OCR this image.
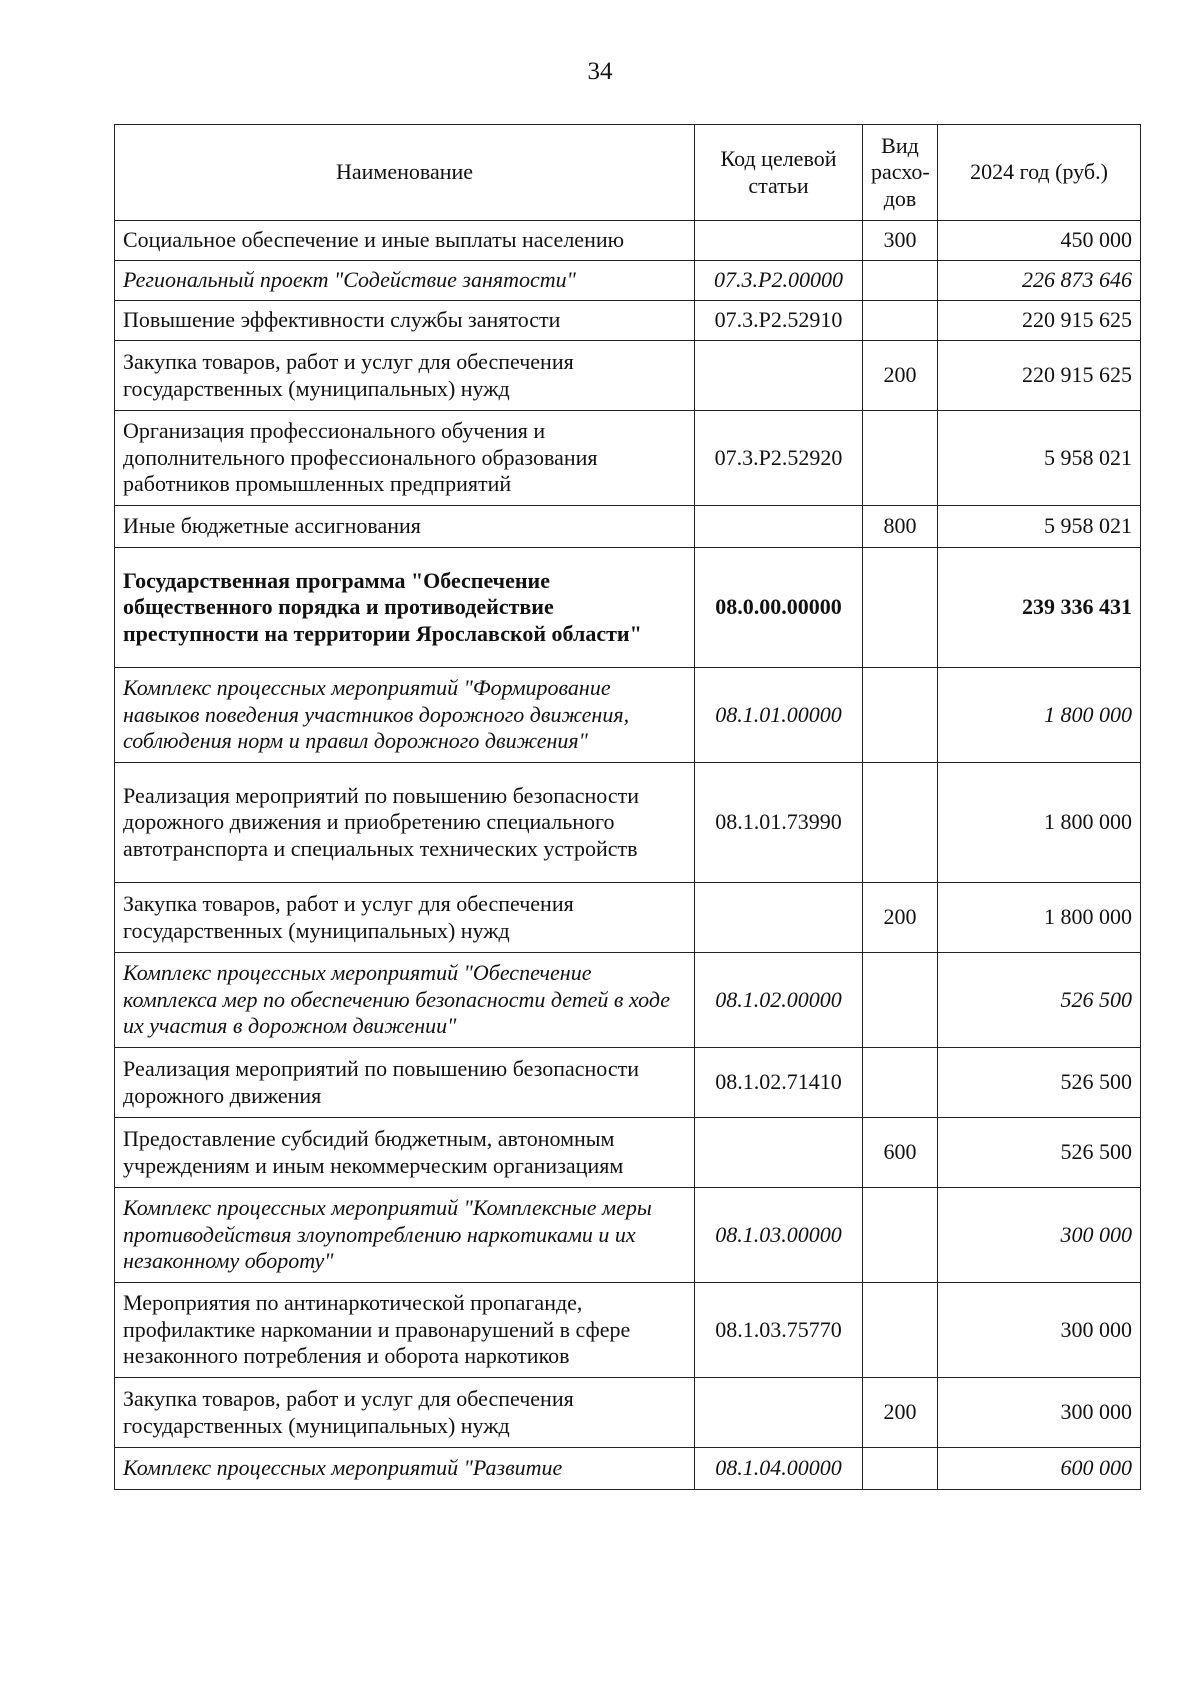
34
Наименование	Код целевой статьи	Вид расхо-дов	2024 год (руб.)
Социальное обеспечение и иные выплаты населению		300	450 000
Региональный проект "Содействие занятости"	07.3.Р2.00000		226 873 646
Повышение эффективности службы занятости	07.3.Р2.52910		220 915 625
Закупка товаров, работ и услуг для обеспечения государственных (муниципальных) нужд		200	220 915 625
Организация профессионального обучения и дополнительного профессионального образования работников промышленных предприятий	07.3.Р2.52920		5 958 021
Иные бюджетные ассигнования		800	5 958 021
Государственная программа "Обеспечение общественного порядка и противодействие преступности на территории Ярославской области"	08.0.00.00000		239 336 431
Комплекс процессных мероприятий "Формирование навыков поведения участников дорожного движения, соблюдения норм и правил дорожного движения"	08.1.01.00000		1 800 000
Реализация мероприятий по повышению безопасности дорожного движения и приобретению специального автотранспорта и специальных технических устройств	08.1.01.73990		1 800 000
Закупка товаров, работ и услуг для обеспечения государственных (муниципальных) нужд		200	1 800 000
Комплекс процессных мероприятий "Обеспечение комплекса мер по обеспечению безопасности детей в ходе их участия в дорожном движении"	08.1.02.00000		526 500
Реализация мероприятий по повышению безопасности дорожного движения	08.1.02.71410		526 500
Предоставление субсидий бюджетным, автономным учреждениям и иным некоммерческим организациям		600	526 500
Комплекс процессных мероприятий "Комплексные меры противодействия злоупотреблению наркотиками и их незаконному обороту"	08.1.03.00000		300 000
Мероприятия по антинаркотической пропаганде, профилактике наркомании и правонарушений в сфере незаконного потребления и оборота наркотиков	08.1.03.75770		300 000
Закупка товаров, работ и услуг для обеспечения государственных (муниципальных) нужд		200	300 000
Комплекс процессных мероприятий "Развитие	08.1.04.00000		600 000
